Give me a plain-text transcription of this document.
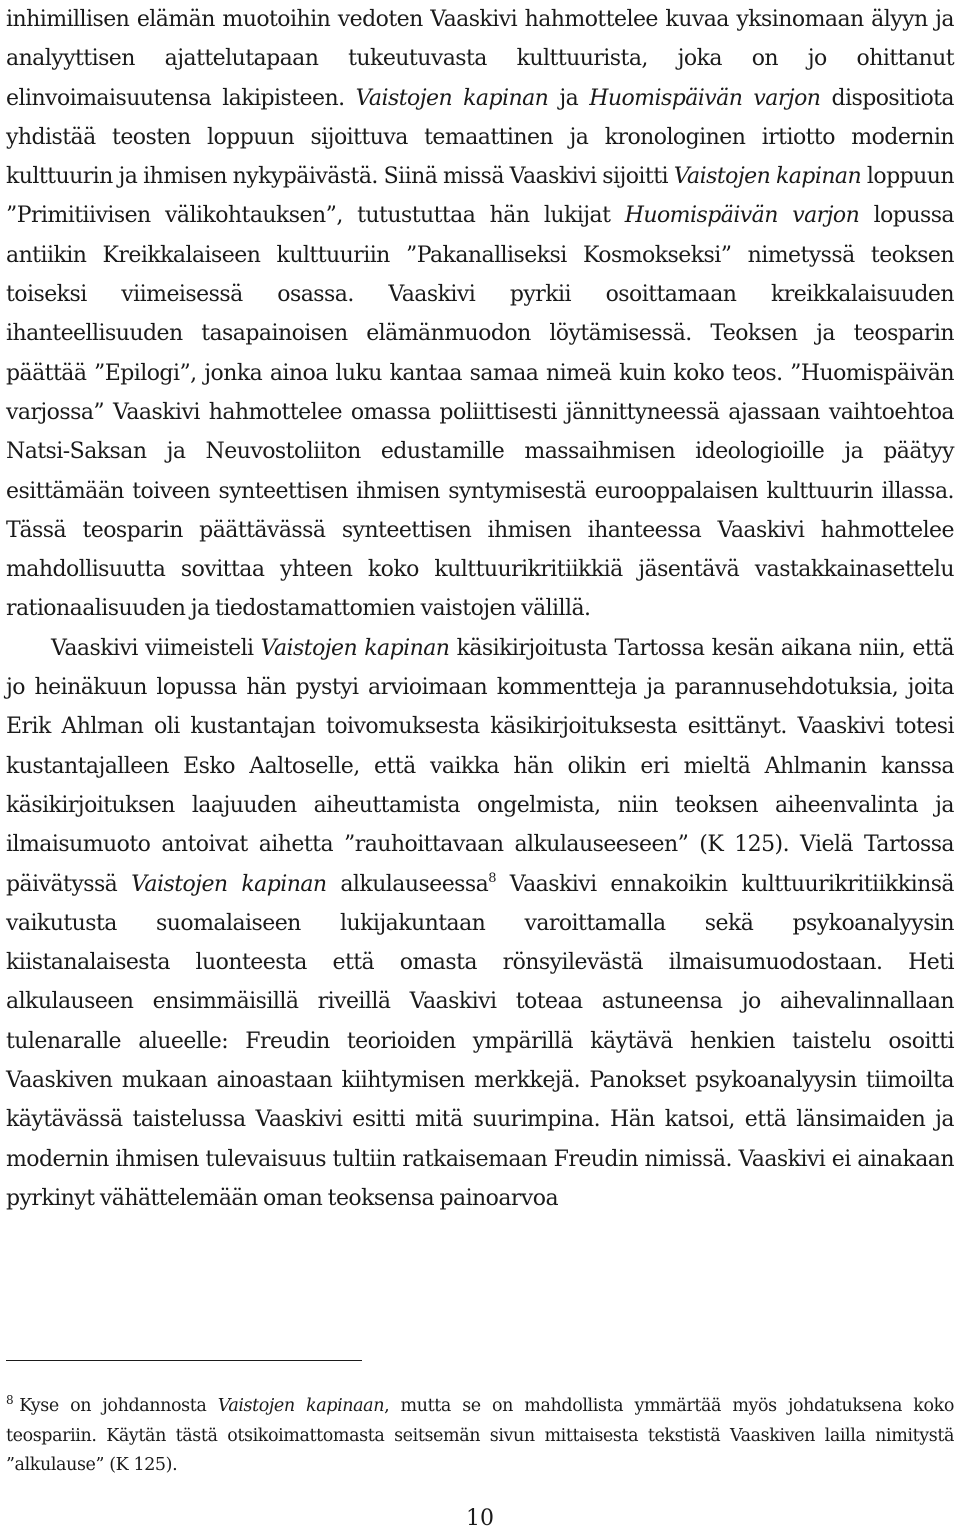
inhimillisen elämän muotoihin vedoten Vaaskivi hahmottelee kuvaa yksinomaan älyyn ja analyyttisen ajattelutapaan tukeutuvasta kulttuurista, joka on jo ohittanut elinvoimaisuutensa lakipisteen. Vaistojen kapinan ja Huomispäivän varjon dispositiota yhdistää teosten loppuun sijoittuva temaattinen ja kronologinen irtiotto modernin kulttuurin ja ihmisen nykypäivästä. Siinä missä Vaaskivi sijoitti Vaistojen kapinan loppuun ”Primitiivisen välikohtauksen”, tutustuttaa hän lukijat Huomispäivän varjon lopussa antiikin Kreikkalaiseen kulttuuriin ”Pakanalliseksi Kosmokseksi” nimetyssä teoksen toiseksi viimeisessä osassa. Vaaskivi pyrkii osoittamaan kreikkalaisuuden ihanteellisuuden tasapainoisen elämänmuodon löytämisessä. Teoksen ja teosparin päättää ”Epilogi”, jonka ainoa luku kantaa samaa nimeä kuin koko teos. ”Huomispäivän varjossa” Vaaskivi hahmottelee omassa poliittisesti jännittyneessä ajassaan vaihtoehtoa Natsi-Saksan ja Neuvostoliiton edustamille massaihmisen ideologioille ja päätyy esittämään toiveen synteettisen ihmisen syntymisestä eurooppalaisen kulttuurin illassa. Tässä teosparin päättävässä synteettisen ihmisen ihanteessa Vaaskivi hahmottelee mahdollisuutta sovittaa yhteen koko kulttuurikritiikkiä jäsentävä vastakkainasettelu rationaalisuuden ja tiedostamattomien vaistojen välillä.

Vaaskivi viimeisteli Vaistojen kapinan käsikirjoitusta Tartossa kesän aikana niin, että jo heinäkuun lopussa hän pystyi arvioimaan kommentteja ja parannusehdotuksia, joita Erik Ahlman oli kustantajan toivomuksesta käsikirjoituksesta esittänyt. Vaaskivi totesi kustantajalleen Esko Aaltoselle, että vaikka hän olikin eri mieltä Ahlmanin kanssa käsikirjoituksen laajuuden aiheuttamista ongelmista, niin teoksen aiheenvalinta ja ilmaisumuoto antoivat aihetta ”rauhoittavaan alkulauseeseen” (K 125). Vielä Tartossa päivätyssä Vaistojen kapinan alkulauseessa$^8$ Vaaskivi ennakoikin kulttuurikritiikkinsä vaikutusta suomalaiseen lukijakuntaan varoittamalla sekä psykoanalyysin kiistanalaisesta luonteesta että omasta rönsyilevästä ilmaisumuodostaan. Heti alkulauseen ensimmäisillä riveillä Vaaskivi toteaa astuneensa jo aihevalinnallaan tulenaralle alueelle: Freudin teorioiden ympärillä käytävä henkien taistelu osoitti Vaaskiven mukaan ainoastaan kiihtymisen merkkejä. Panokset psykoanalyysin tiimoilta käytävässä taistelussa Vaaskivi esitti mitä suurimpina. Hän katsoi, että länsimaiden ja modernin ihmisen tulevaisuus tultiin ratkaisemaan Freudin nimissä. Vaaskivi ei ainakaan pyrkinyt vähättelemään oman teoksensa painoarvoa

$^8$ Kyse on johdannosta Vaistojen kapinaan, mutta se on mahdollista ymmärtää myös johdatuksena koko teospariin. Käytän tästä otsikoimattomasta seitsemän sivun mittaisesta tekstistä Vaaskiven lailla nimitystä ”alkulause” (K 125).

10
